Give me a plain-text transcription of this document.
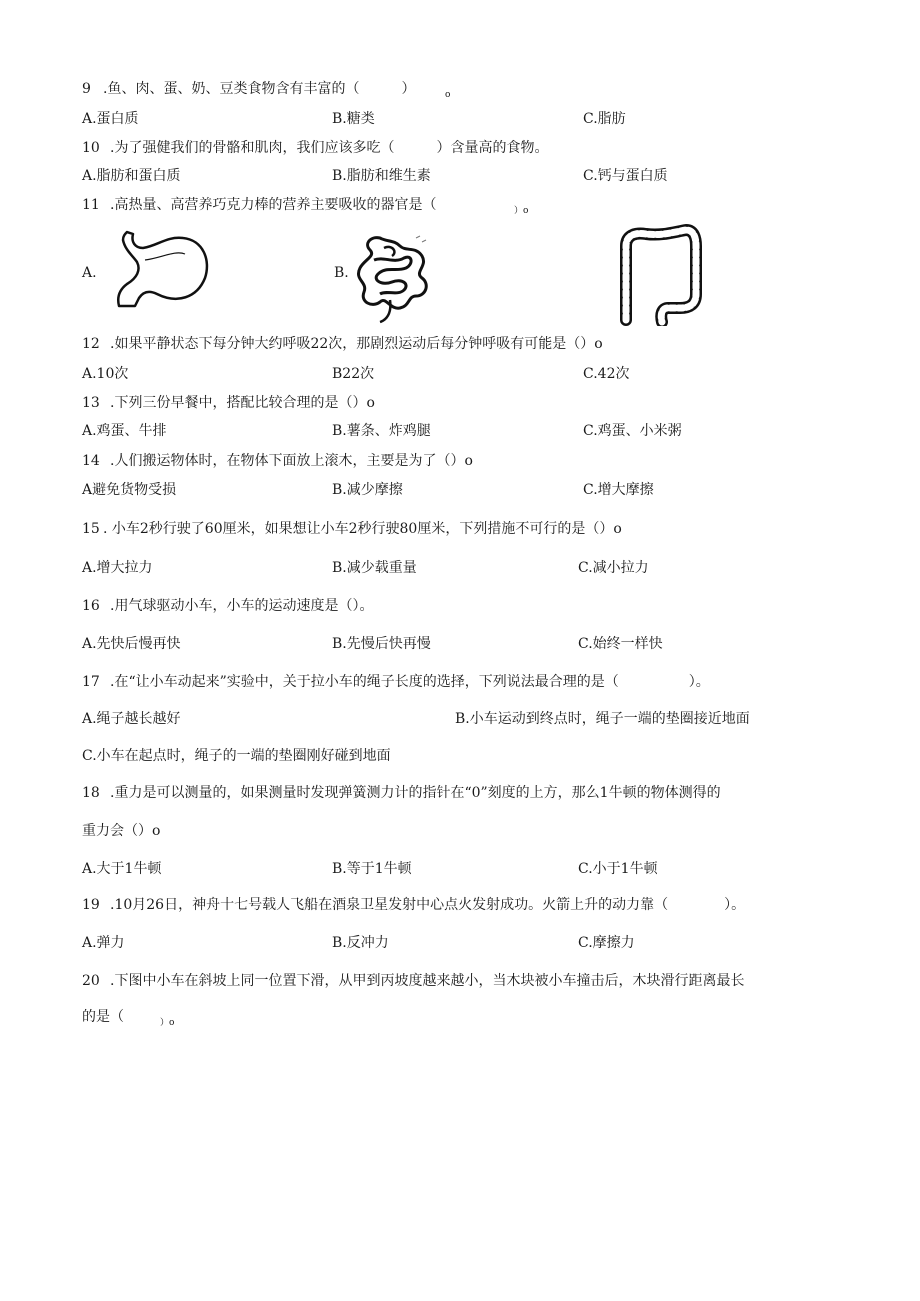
9 .鱼、肉、蛋、奶、豆类食物含有丰富的（　　　）	o
A.蛋白质	B.糖类	C.脂肪
10 .为了强健我们的骨骼和肌肉，我们应该多吃（　　　）含量高的食物。
A.脂肪和蛋白质	B.脂肪和维生素	C.钙与蛋白质
11 .高热量、高营养巧克力棒的营养主要吸收的器官是（　　　	）o
A.	B.
12 .如果平静状态下每分钟大约呼吸22次，那剧烈运动后每分钟呼吸有可能是（）o
A.10次	B22次	C.42次
13 .下列三份早餐中，搭配比较合理的是（）o
A.鸡蛋、牛排	B.薯条、炸鸡腿	C.鸡蛋、小米粥
14 .人们搬运物体时，在物体下面放上滚木，主要是为了（）o
A避免货物受损	B.减少摩擦	C.增大摩擦
15 . 小车2秒行驶了60厘米，如果想让小车2秒行驶80厘米，下列措施不可行的是（）o
A.增大拉力	B.减少载重量	C.减小拉力
16 .用气球驱动小车，小车的运动速度是（）。
A.先快后慢再快	B.先慢后快再慢	C.始终一样快
17 .在“让小车动起来”实验中，关于拉小车的绳子长度的选择，下列说法最合理的是（　　　　　）。
A.绳子越长越好	B.小车运动到终点时，绳子一端的垫圈接近地面
C.小车在起点时，绳子的一端的垫圈刚好碰到地面
18 .重力是可以测量的，如果测量时发现弹簧测力计的指针在“0”刻度的上方，那么1牛顿的物体测得的
重力会（）o
A.大于1牛顿	B.等于1牛顿	C.小于1牛顿
19 .10月26日，神舟十七号载人飞船在酒泉卫星发射中心点火发射成功。火箭上升的动力靠（　　　　）。
A.弹力	B.反冲力	C.摩擦力
20 .下图中小车在斜坡上同一位置下滑，从甲到丙坡度越来越小，当木块被小车撞击后，木块滑行距离最长
的是（　　 ）o
